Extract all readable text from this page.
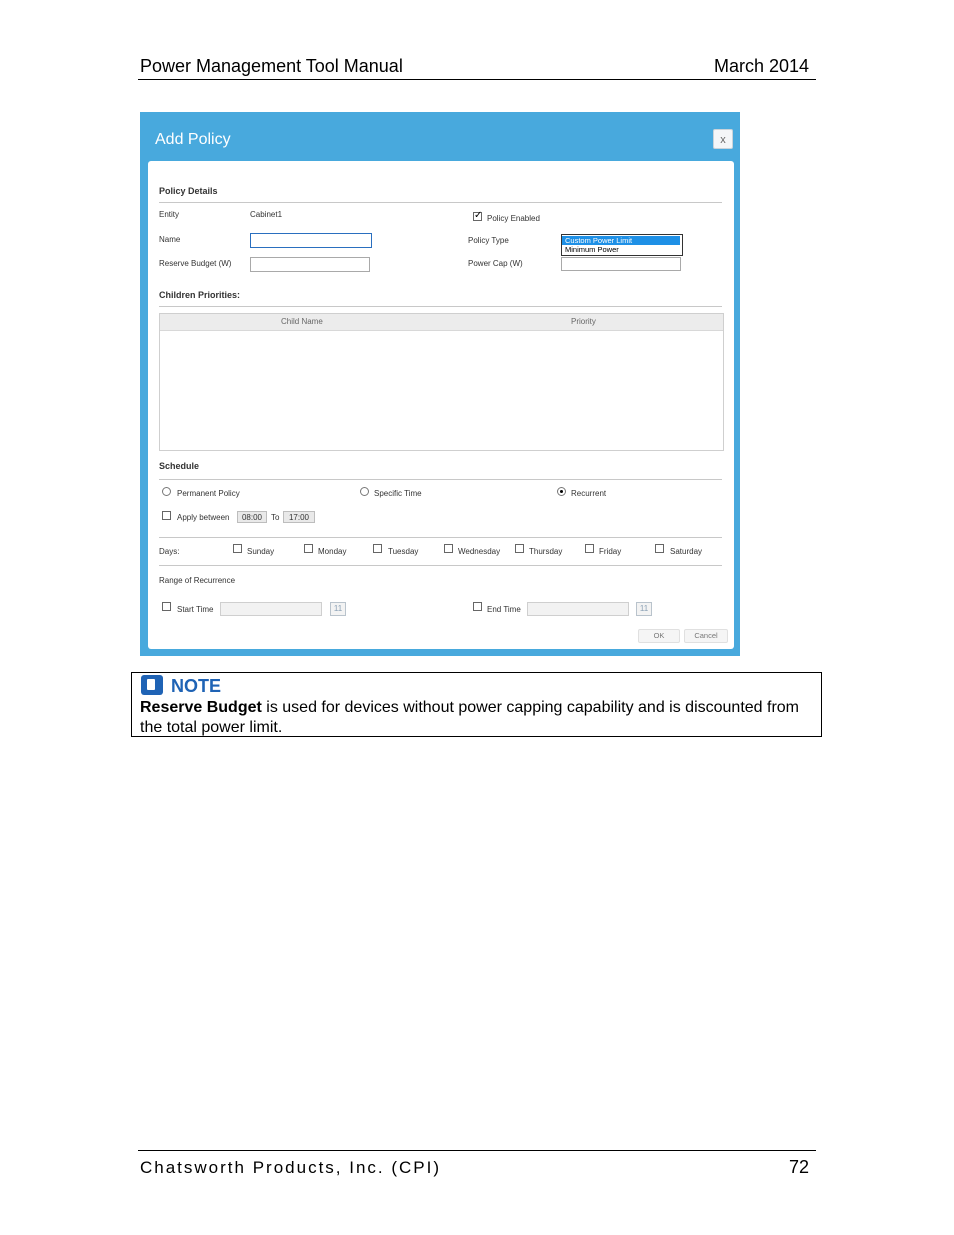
Power Management Tool Manual	March 2014
Add Policy	x
Policy Details
Entity	Cabinet1
✓	Policy Enabled
Name	Policy Type	Custom Power Limit
Minimum Power
Reserve Budget (W)	Power Cap (W)
Children Priorities:
Child Name	Priority
Schedule
Permanent Policy	Specific Time	Recurrent
Apply between	08:00	To	17:00
Days:	Sunday	Monday	Tuesday	Wednesday	Thursday	Friday	Saturday
Range of Recurrence
Start Time	11	End Time	11
OK	Cancel
NOTE
Reserve Budget is used for devices without power capping capability and is discounted from the total power limit.
Chatsworth Products, Inc. (CPI)	72
